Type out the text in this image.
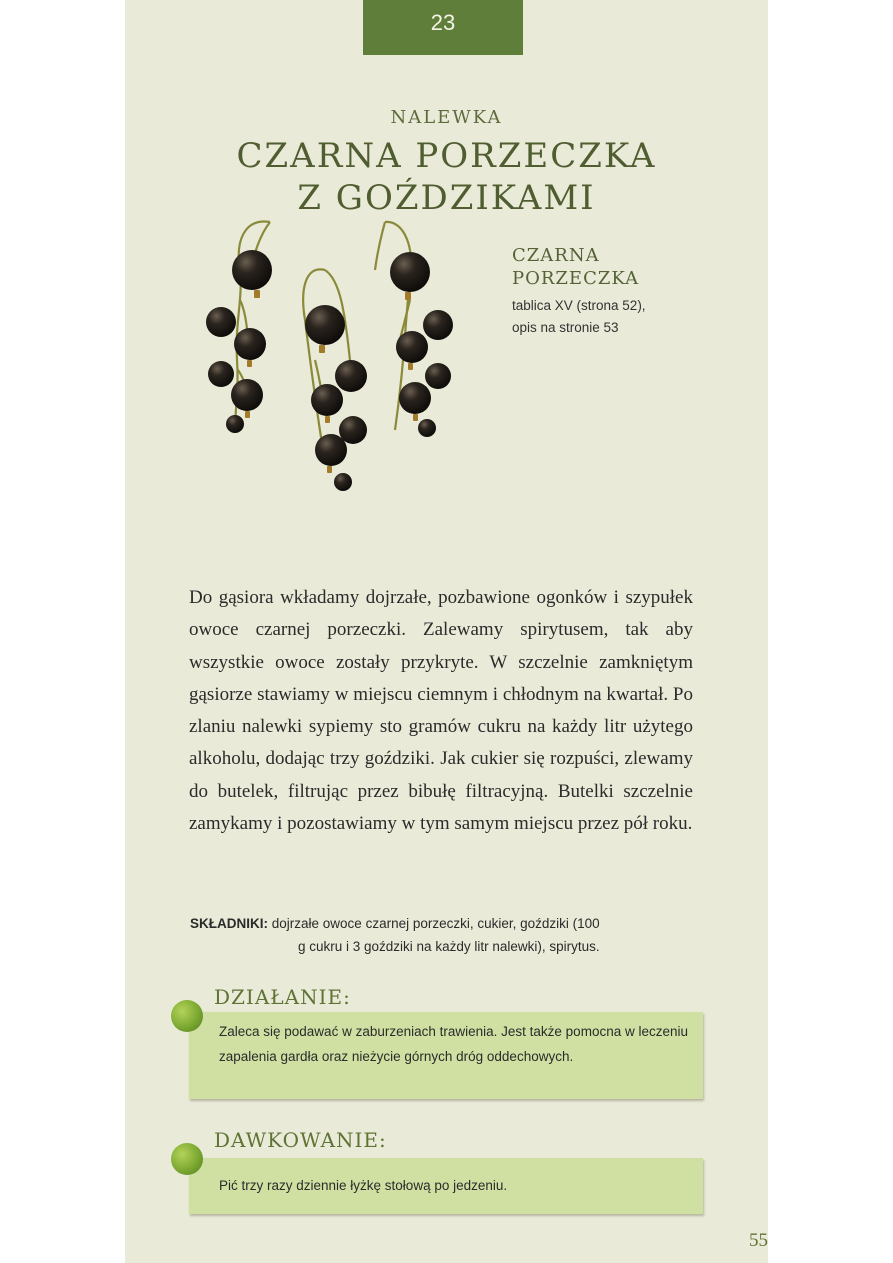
23
NALEWKA
CZARNA PORZECZKA
Z GOŹDZIKAMI
CZARNA
PORZECZKA
tablica XV (strona 52),
opis na stronie 53
Do gąsiora wkładamy dojrzałe, pozbawione ogonków i szypułek owoce czarnej porzeczki. Zalewamy spirytusem, tak aby wszystkie owoce zostały przykryte. W szczelnie zamkniętym gąsiorze stawiamy w miejscu ciemnym i chłodnym na kwartał. Po zlaniu nalewki sypiemy sto gramów cukru na każdy litr użytego alkoholu, dodając trzy goździki. Jak cukier się rozpuści, zlewamy do butelek, filtrując przez bibułę filtracyjną. Butelki szczelnie zamykamy i pozostawiamy w tym samym miejscu przez pół roku.
SKŁADNIKI: dojrzałe owoce czarnej porzeczki, cukier, goździki (100
g cukru i 3 goździki na każdy litr nalewki), spirytus.
DZIAŁANIE:
Zaleca się podawać w zaburzeniach trawienia. Jest także pomocna w leczeniu zapalenia gardła oraz nieżycie górnych dróg oddechowych.
DAWKOWANIE:
Pić trzy razy dziennie łyżkę stołową po jedzeniu.
55
